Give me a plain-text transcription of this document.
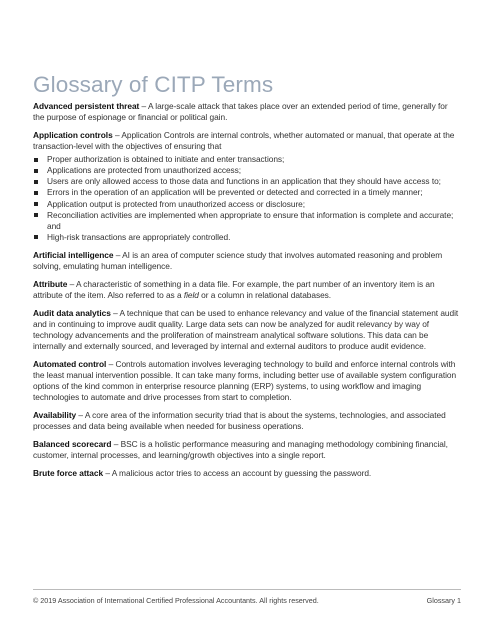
Glossary of CITP Terms

Advanced persistent threat – A large-scale attack that takes place over an extended period of time, generally for the purpose of espionage or financial or political gain.

Application controls – Application Controls are internal controls, whether automated or manual, that operate at the transaction-level with the objectives of ensuring that

Proper authorization is obtained to initiate and enter transactions;
Applications are protected from unauthorized access;
Users are only allowed access to those data and functions in an application that they should have access to;
Errors in the operation of an application will be prevented or detected and corrected in a timely manner;
Application output is protected from unauthorized access or disclosure;
Reconciliation activities are implemented when appropriate to ensure that information is complete and accurate; and
High-risk transactions are appropriately controlled.

Artificial intelligence – AI is an area of computer science study that involves automated reasoning and problem solving, emulating human intelligence.

Attribute – A characteristic of something in a data file. For example, the part number of an inventory item is an attribute of the item. Also referred to as a field or a column in relational databases.

Audit data analytics – A technique that can be used to enhance relevancy and value of the financial statement audit and in continuing to improve audit quality. Large data sets can now be analyzed for audit relevancy by way of technology advancements and the proliferation of mainstream analytical software solutions. This data can be internally and externally sourced, and leveraged by internal and external auditors to produce audit evidence.

Automated control – Controls automation involves leveraging technology to build and enforce internal controls with the least manual intervention possible. It can take many forms, including better use of available system configuration options of the kind common in enterprise resource planning (ERP) systems, to using workflow and imaging technologies to automate and drive processes from start to completion.

Availability – A core area of the information security triad that is about the systems, technologies, and associated processes and data being available when needed for business operations.

Balanced scorecard – BSC is a holistic performance measuring and managing methodology combining financial, customer, internal processes, and learning/growth objectives into a single report.

Brute force attack – A malicious actor tries to access an account by guessing the password.

© 2019 Association of International Certified Professional Accountants. All rights reserved.	Glossary 1
